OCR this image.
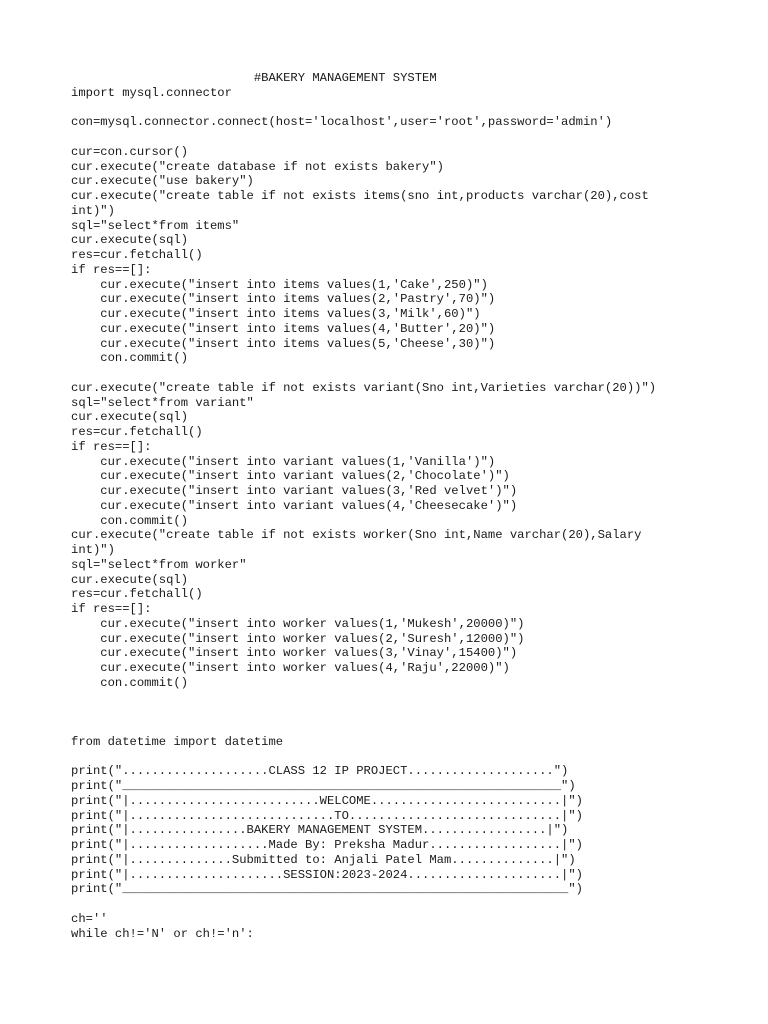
#BAKERY MANAGEMENT SYSTEM
import mysql.connector
con=mysql.connector.connect(host='localhost',user='root',password='admin')
cur=con.cursor()
cur.execute("create database if not exists bakery")
cur.execute("use bakery")
cur.execute("create table if not exists items(sno int,products varchar(20),cost
int)")
sql="select*from items"
cur.execute(sql)
res=cur.fetchall()
if res==[]:
cur.execute("insert into items values(1,'Cake',250)")
cur.execute("insert into items values(2,'Pastry',70)")
cur.execute("insert into items values(3,'Milk',60)")
cur.execute("insert into items values(4,'Butter',20)")
cur.execute("insert into items values(5,'Cheese',30)")
con.commit()
cur.execute("create table if not exists variant(Sno int,Varieties varchar(20))")
sql="select*from variant"
cur.execute(sql)
res=cur.fetchall()
if res==[]:
cur.execute("insert into variant values(1,'Vanilla')")
cur.execute("insert into variant values(2,'Chocolate')")
cur.execute("insert into variant values(3,'Red velvet')")
cur.execute("insert into variant values(4,'Cheesecake')")
con.commit()
cur.execute("create table if not exists worker(Sno int,Name varchar(20),Salary
int)")
sql="select*from worker"
cur.execute(sql)
res=cur.fetchall()
if res==[]:
cur.execute("insert into worker values(1,'Mukesh',20000)")
cur.execute("insert into worker values(2,'Suresh',12000)")
cur.execute("insert into worker values(3,'Vinay',15400)")
cur.execute("insert into worker values(4,'Raju',22000)")
con.commit()
from datetime import datetime
print("....................CLASS 12 IP PROJECT....................")
print("____________________________________________________________")
print("|..........................WELCOME..........................|")
print("|............................TO.............................|")
print("|................BAKERY MANAGEMENT SYSTEM.................|")
print("|...................Made By: Preksha Madur..................|")
print("|..............Submitted to: Anjali Patel Mam..............|")
print("|.....................SESSION:2023-2024.....................|")
print("_____________________________________________________________")
ch=''
while ch!='N' or ch!='n':
